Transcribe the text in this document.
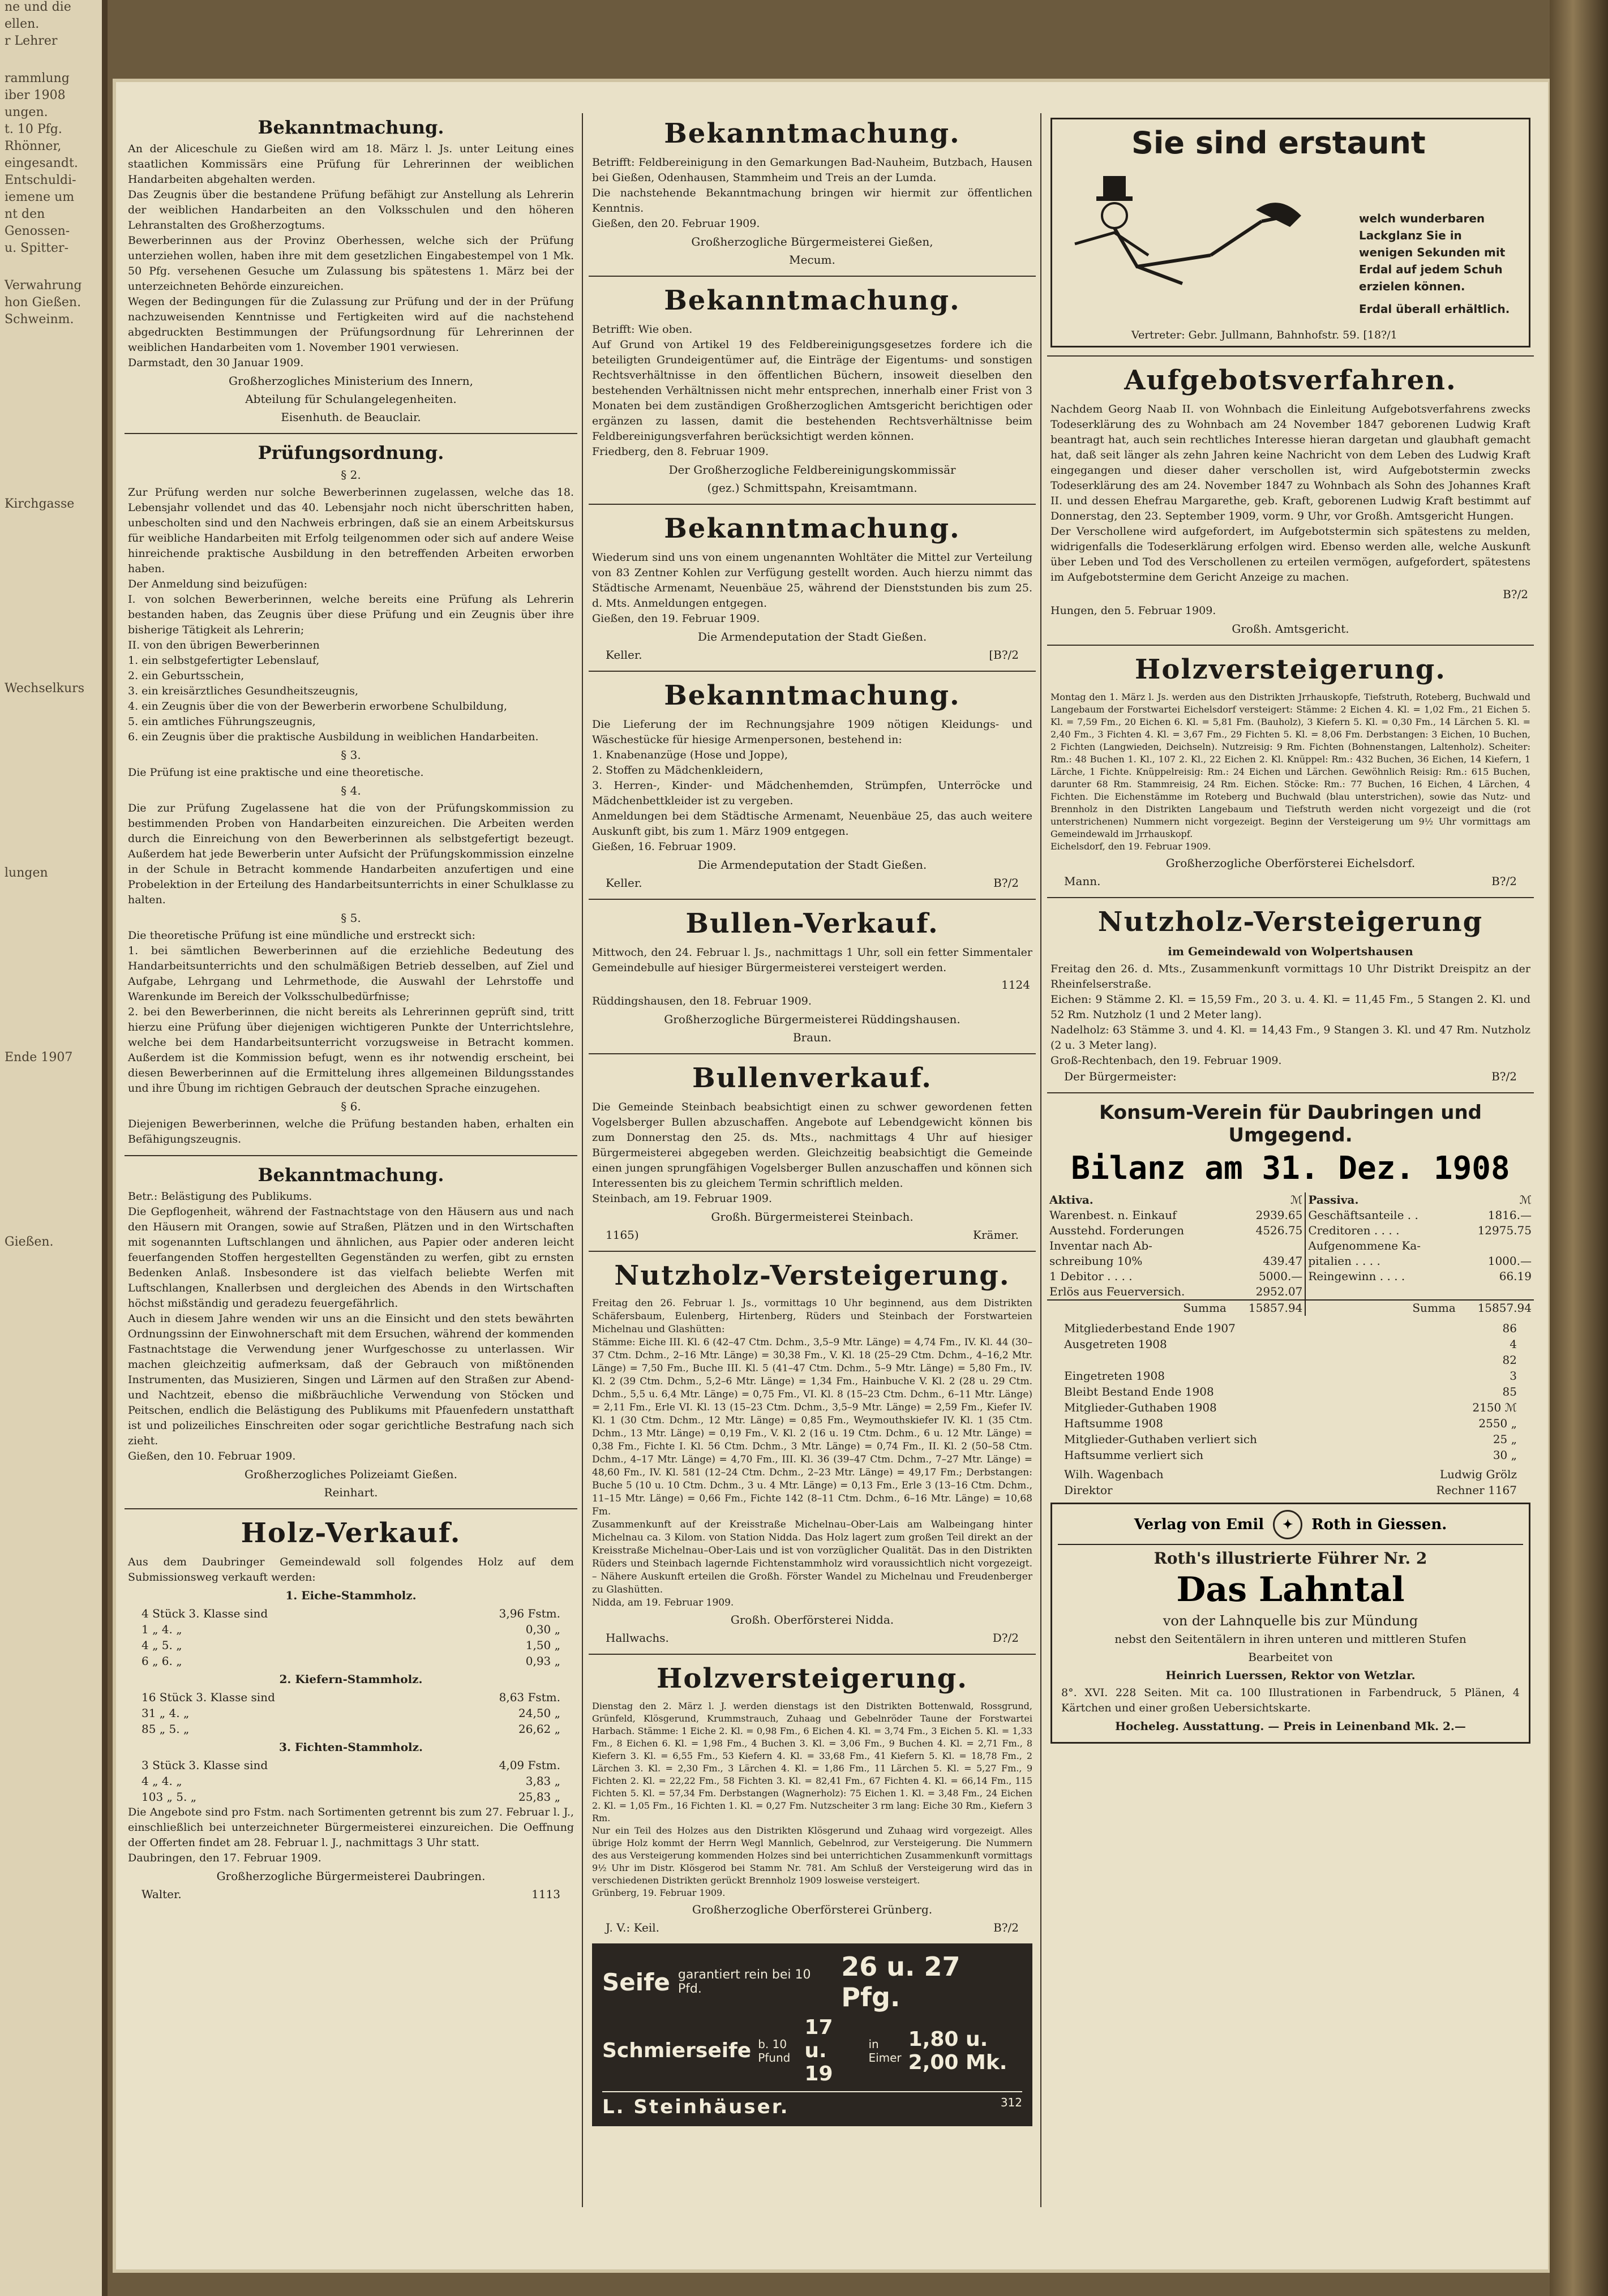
ne und die

ellen.

r Lehrer

rammlung

iber 1908

ungen.

t. 10 Pfg.

Rhönner,

eingesandt.

Entschuldi-

iemene um

nt den

Genossen-

u. Spitter-

Verwahrung

hon Gießen.

Schweinm.

Kirchgasse

Wechselkurs

lungen

Ende 1907

Gießen.

Bekanntmachung.

An der Aliceschule zu Gießen wird am 18. März l. Js. unter Leitung eines staatlichen Kommissärs eine Prüfung für Lehrerinnen der weiblichen Handarbeiten abgehalten werden.

Das Zeugnis über die bestandene Prüfung befähigt zur Anstellung als Lehrerin der weiblichen Handarbeiten an den Volksschulen und den höheren Lehranstalten des Großherzogtums.

Bewerberinnen aus der Provinz Oberhessen, welche sich der Prüfung unterziehen wollen, haben ihre mit dem gesetzlichen Eingabestempel von 1 Mk. 50 Pfg. versehenen Gesuche um Zulassung bis spätestens 1. März bei der unterzeichneten Behörde einzureichen.

Wegen der Bedingungen für die Zulassung zur Prüfung und der in der Prüfung nachzuweisenden Kenntnisse und Fertigkeiten wird auf die nachstehend abgedruckten Bestimmungen der Prüfungsordnung für Lehrerinnen der weiblichen Handarbeiten vom 1. November 1901 verwiesen.

Darmstadt, den 30 Januar 1909.

Großherzogliches Ministerium des Innern,
Abteilung für Schulangelegenheiten.
Eisenhuth. de Beauclair.
Prüfungsordnung.
§ 2.

Zur Prüfung werden nur solche Bewerberinnen zugelassen, welche das 18. Lebensjahr vollendet und das 40. Lebensjahr noch nicht überschritten haben, unbescholten sind und den Nachweis erbringen, daß sie an einem Arbeitskursus für weibliche Handarbeiten mit Erfolg teilgenommen oder sich auf andere Weise hinreichende praktische Ausbildung in den betreffenden Arbeiten erworben haben.

Der Anmeldung sind beizufügen:

I. von solchen Bewerberinnen, welche bereits eine Prüfung als Lehrerin bestanden haben, das Zeugnis über diese Prüfung und ein Zeugnis über ihre bisherige Tätigkeit als Lehrerin;

II. von den übrigen Bewerberinnen

1. ein selbstgefertigter Lebenslauf,

2. ein Geburtsschein,

3. ein kreisärztliches Gesundheitszeugnis,

4. ein Zeugnis über die von der Bewerberin erworbene Schulbildung,

5. ein amtliches Führungszeugnis,

6. ein Zeugnis über die praktische Ausbildung in weiblichen Handarbeiten.

§ 3.

Die Prüfung ist eine praktische und eine theoretische.

§ 4.

Die zur Prüfung Zugelassene hat die von der Prüfungskommission zu bestimmenden Proben von Handarbeiten einzureichen. Die Arbeiten werden durch die Einreichung von den Bewerberinnen als selbstgefertigt bezeugt. Außerdem hat jede Bewerberin unter Aufsicht der Prüfungskommission einzelne in der Schule in Betracht kommende Handarbeiten anzufertigen und eine Probelektion in der Erteilung des Handarbeitsunterrichts in einer Schulklasse zu halten.

§ 5.

Die theoretische Prüfung ist eine mündliche und erstreckt sich:

1. bei sämtlichen Bewerberinnen auf die erziehliche Bedeutung des Handarbeitsunterrichts und den schulmäßigen Betrieb desselben, auf Ziel und Aufgabe, Lehrgang und Lehrmethode, die Auswahl der Lehrstoffe und Warenkunde im Bereich der Volksschulbedürfnisse;

2. bei den Bewerberinnen, die nicht bereits als Lehrerinnen geprüft sind, tritt hierzu eine Prüfung über diejenigen wichtigeren Punkte der Unterrichtslehre, welche bei dem Handarbeitsunterricht vorzugsweise in Betracht kommen. Außerdem ist die Kommission befugt, wenn es ihr notwendig erscheint, bei diesen Bewerberinnen auf die Ermittelung ihres allgemeinen Bildungsstandes und ihre Übung im richtigen Gebrauch der deutschen Sprache einzugehen.

§ 6.

Diejenigen Bewerberinnen, welche die Prüfung bestanden haben, erhalten ein Befähigungszeugnis.

Bekanntmachung.

Betr.: Belästigung des Publikums.

Die Gepflogenheit, während der Fastnachtstage von den Häusern aus und nach den Häusern mit Orangen, sowie auf Straßen, Plätzen und in den Wirtschaften mit sogenannten Luftschlangen und ähnlichen, aus Papier oder anderen leicht feuerfangenden Stoffen hergestellten Gegenständen zu werfen, gibt zu ernsten Bedenken Anlaß. Insbesondere ist das vielfach beliebte Werfen mit Luftschlangen, Knallerbsen und dergleichen des Abends in den Wirtschaften höchst mißständig und geradezu feuergefährlich.

Auch in diesem Jahre wenden wir uns an die Einsicht und den stets bewährten Ordnungssinn der Einwohnerschaft mit dem Ersuchen, während der kommenden Fastnachtstage die Verwendung jener Wurfgeschosse zu unterlassen. Wir machen gleichzeitig aufmerksam, daß der Gebrauch von mißtönenden Instrumenten, das Musizieren, Singen und Lärmen auf den Straßen zur Abend- und Nachtzeit, ebenso die mißbräuchliche Verwendung von Stöcken und Peitschen, endlich die Belästigung des Publikums mit Pfauenfedern unstatthaft ist und polizeiliches Einschreiten oder sogar gerichtliche Bestrafung nach sich zieht.

Gießen, den 10. Februar 1909.

Großherzogliches Polizeiamt Gießen.
Reinhart.
Holz-Verkauf.

Aus dem Daubringer Gemeindewald soll folgendes Holz auf dem Submissionsweg verkauft werden:

1. Eiche-Stammholz.
4 Stück 3. Klasse sind	3,96 Fstm.
1 „ 4. „	0,30 „
4 „ 5. „	1,50 „
6 „ 6. „	0,93 „
2. Kiefern-Stammholz.
16 Stück 3. Klasse sind	8,63 Fstm.
31 „ 4. „	24,50 „
85 „ 5. „	26,62 „
3. Fichten-Stammholz.
3 Stück 3. Klasse sind	4,09 Fstm.
4 „ 4. „	3,83 „
103 „ 5. „	25,83 „

Die Angebote sind pro Fstm. nach Sortimenten getrennt bis zum 27. Februar l. J., einschließlich bei unterzeichneter Bürgermeisterei einzureichen. Die Oeffnung der Offerten findet am 28. Februar l. J., nachmittags 3 Uhr statt.

Daubringen, den 17. Februar 1909.

Großherzogliche Bürgermeisterei Daubringen.
Walter.	1113
Bekanntmachung.

Betrifft: Feldbereinigung in den Gemarkungen Bad-Nauheim, Butzbach, Hausen bei Gießen, Odenhausen, Stammheim und Treis an der Lumda.

Die nachstehende Bekanntmachung bringen wir hiermit zur öffentlichen Kenntnis.

Gießen, den 20. Februar 1909.

Großherzogliche Bürgermeisterei Gießen,
Mecum.
Bekanntmachung.

Betrifft: Wie oben.

Auf Grund von Artikel 19 des Feldbereinigungsgesetzes fordere ich die beteiligten Grundeigentümer auf, die Einträge der Eigentums- und sonstigen Rechtsverhältnisse in den öffentlichen Büchern, insoweit dieselben den bestehenden Verhältnissen nicht mehr entsprechen, innerhalb einer Frist von 3 Monaten bei dem zuständigen Großherzoglichen Amtsgericht berichtigen oder ergänzen zu lassen, damit die bestehenden Rechtsverhältnisse beim Feldbereinigungsverfahren berücksichtigt werden können.

Friedberg, den 8. Februar 1909.

Der Großherzogliche Feldbereinigungskommissär
(gez.) Schmittspahn, Kreisamtmann.
Bekanntmachung.

Wiederum sind uns von einem ungenannten Wohltäter die Mittel zur Verteilung von 83 Zentner Kohlen zur Verfügung gestellt worden. Auch hierzu nimmt das Städtische Armenamt, Neuenbäue 25, während der Dienststunden bis zum 25. d. Mts. Anmeldungen entgegen.

Gießen, den 19. Februar 1909.

Die Armendeputation der Stadt Gießen.
Keller.	[B?/2
Bekanntmachung.

Die Lieferung der im Rechnungsjahre 1909 nötigen Kleidungs- und Wäschestücke für hiesige Armenpersonen, bestehend in:

1. Knabenanzüge (Hose und Joppe),

2. Stoffen zu Mädchenkleidern,

3. Herren-, Kinder- und Mädchenhemden, Strümpfen, Unterröcke und Mädchenbettkleider ist zu vergeben.

Anmeldungen bei dem Städtische Armenamt, Neuenbäue 25, das auch weitere Auskunft gibt, bis zum 1. März 1909 entgegen.

Gießen, 16. Februar 1909.

Die Armendeputation der Stadt Gießen.
Keller.	B?/2
Bullen-Verkauf.

Mittwoch, den 24. Februar l. Js., nachmittags 1 Uhr, soll ein fetter Simmentaler Gemeindebulle auf hiesiger Bürgermeisterei versteigert werden.

1124

Rüddingshausen, den 18. Februar 1909.

Großherzogliche Bürgermeisterei Rüddingshausen.
Braun.
Bullenverkauf.

Die Gemeinde Steinbach beabsichtigt einen zu schwer gewordenen fetten Vogelsberger Bullen abzuschaffen. Angebote auf Lebendgewicht können bis zum Donnerstag den 25. ds. Mts., nachmittags 4 Uhr auf hiesiger Bürgermeisterei abgegeben werden. Gleichzeitig beabsichtigt die Gemeinde einen jungen sprungfähigen Vogelsberger Bullen anzuschaffen und können sich Interessenten bis zu gleichem Termin schriftlich melden.

Steinbach, am 19. Februar 1909.

Großh. Bürgermeisterei Steinbach.
1165)	Krämer.
Nutzholz-Versteigerung.

Freitag den 26. Februar l. Js., vormittags 10 Uhr beginnend, aus dem Distrikten Schäfersbaum, Eulenberg, Hirtenberg, Rüders und Steinbach der Forstwarteien Michelnau und Glashütten:

Stämme: Eiche III. Kl. 6 (42–47 Ctm. Dchm., 3,5–9 Mtr. Länge) = 4,74 Fm., IV. Kl. 44 (30–37 Ctm. Dchm., 2–16 Mtr. Länge) = 30,38 Fm., V. Kl. 18 (25–29 Ctm. Dchm., 4–16,2 Mtr. Länge) = 7,50 Fm., Buche III. Kl. 5 (41–47 Ctm. Dchm., 5–9 Mtr. Länge) = 5,80 Fm., IV. Kl. 2 (39 Ctm. Dchm., 5,2–6 Mtr. Länge) = 1,34 Fm., Hainbuche V. Kl. 2 (28 u. 29 Ctm. Dchm., 5,5 u. 6,4 Mtr. Länge) = 0,75 Fm., VI. Kl. 8 (15–23 Ctm. Dchm., 6–11 Mtr. Länge) = 2,11 Fm., Erle VI. Kl. 13 (15–23 Ctm. Dchm., 3,5–9 Mtr. Länge) = 2,59 Fm., Kiefer IV. Kl. 1 (30 Ctm. Dchm., 12 Mtr. Länge) = 0,85 Fm., Weymouthskiefer IV. Kl. 1 (35 Ctm. Dchm., 13 Mtr. Länge) = 0,19 Fm., V. Kl. 2 (16 u. 19 Ctm. Dchm., 6 u. 12 Mtr. Länge) = 0,38 Fm., Fichte I. Kl. 56 Ctm. Dchm., 3 Mtr. Länge) = 0,74 Fm., II. Kl. 2 (50–58 Ctm. Dchm., 4–17 Mtr. Länge) = 4,70 Fm., III. Kl. 36 (39–47 Ctm. Dchm., 7–27 Mtr. Länge) = 48,60 Fm., IV. Kl. 581 (12–24 Ctm. Dchm., 2–23 Mtr. Länge) = 49,17 Fm.; Derbstangen: Buche 5 (10 u. 10 Ctm. Dchm., 3 u. 4 Mtr. Länge) = 0,13 Fm., Erle 3 (13–16 Ctm. Dchm., 11–15 Mtr. Länge) = 0,66 Fm., Fichte 142 (8–11 Ctm. Dchm., 6–16 Mtr. Länge) = 10,68 Fm.

Zusammenkunft auf der Kreisstraße Michelnau–Ober-Lais am Walbeingang hinter Michelnau ca. 3 Kilom. von Station Nidda. Das Holz lagert zum großen Teil direkt an der Kreisstraße Michelnau–Ober-Lais und ist von vorzüglicher Qualität. Das in den Distrikten Rüders und Steinbach lagernde Fichtenstammholz wird voraussichtlich nicht vorgezeigt. – Nähere Auskunft erteilen die Großh. Förster Wandel zu Michelnau und Freudenberger zu Glashütten.

Nidda, am 19. Februar 1909.

Großh. Oberförsterei Nidda.
Hallwachs.	D?/2
Holzversteigerung.

Dienstag den 2. März l. J. werden dienstags ist den Distrikten Bottenwald, Rossgrund, Grünfeld, Klösgerund, Krummstrauch, Zuhaag und Gebelnröder Taune der Forstwartei Harbach. Stämme: 1 Eiche 2. Kl. = 0,98 Fm., 6 Eichen 4. Kl. = 3,74 Fm., 3 Eichen 5. Kl. = 1,33 Fm., 8 Eichen 6. Kl. = 1,98 Fm., 4 Buchen 3. Kl. = 3,06 Fm., 9 Buchen 4. Kl. = 2,71 Fm., 8 Kiefern 3. Kl. = 6,55 Fm., 53 Kiefern 4. Kl. = 33,68 Fm., 41 Kiefern 5. Kl. = 18,78 Fm., 2 Lärchen 3. Kl. = 2,30 Fm., 3 Lärchen 4. Kl. = 1,86 Fm., 11 Lärchen 5. Kl. = 5,27 Fm., 9 Fichten 2. Kl. = 22,22 Fm., 58 Fichten 3. Kl. = 82,41 Fm., 67 Fichten 4. Kl. = 66,14 Fm., 115 Fichten 5. Kl. = 57,34 Fm. Derbstangen (Wagnerholz): 75 Eichen 1. Kl. = 3,48 Fm., 24 Eichen 2. Kl. = 1,05 Fm., 16 Fichten 1. Kl. = 0,27 Fm. Nutzscheiter 3 rm lang: Eiche 30 Rm., Kiefern 3 Rm.

Nur ein Teil des Holzes aus den Distrikten Klösgerund und Zuhaag wird vorgezeigt. Alles übrige Holz kommt der Herrn Wegl Mannlich, Gebelnrod, zur Versteigerung. Die Nummern des aus Versteigerung kommenden Holzes sind bei unterrichtichen Zusammenkunft vormittags 9½ Uhr im Distr. Klösgerod bei Stamm Nr. 781. Am Schluß der Versteigerung wird das in verschiedenen Distrikten gerückt Brennholz 1909 losweise versteigert.

Grünberg, 19. Februar 1909.

Großherzogliche Oberförsterei Grünberg.
J. V.: Keil.	B?/2
Seife garantiert rein bei 10 Pfd.
26 u. 27 Pfg.
Schmierseife b. 10 Pfund
17 u. 19
in Eimer
1,80 u. 2,00 Mk.
L. Steinhäuser.	312
Sie sind erstaunt
welch wunderbaren Lackglanz Sie in wenigen Sekunden mit Erdal auf jedem Schuh erzielen können.
Erdal überall erhältlich.
Vertreter: Gebr. Jullmann, Bahnhofstr. 59. [18?/1
Aufgebotsverfahren.

Nachdem Georg Naab II. von Wohnbach die Einleitung Aufgebotsverfahrens zwecks Todeserklärung des zu Wohnbach am 24 November 1847 geborenen Ludwig Kraft beantragt hat, auch sein rechtliches Interesse hieran dargetan und glaubhaft gemacht hat, daß seit länger als zehn Jahren keine Nachricht von dem Leben des Ludwig Kraft eingegangen und dieser daher verschollen ist, wird Aufgebotstermin zwecks Todeserklärung des am 24. November 1847 zu Wohnbach als Sohn des Johannes Kraft II. und dessen Ehefrau Margarethe, geb. Kraft, geborenen Ludwig Kraft bestimmt auf Donnerstag, den 23. September 1909, vorm. 9 Uhr, vor Großh. Amtsgericht Hungen.

Der Verschollene wird aufgefordert, im Aufgebotstermin sich spätestens zu melden, widrigenfalls die Todeserklärung erfolgen wird. Ebenso werden alle, welche Auskunft über Leben und Tod des Verschollenen zu erteilen vermögen, aufgefordert, spätestens im Aufgebotstermine dem Gericht Anzeige zu machen.

B?/2

Hungen, den 5. Februar 1909.

Großh. Amtsgericht.
Holzversteigerung.

Montag den 1. März l. Js. werden aus den Distrikten Jrrhauskopfe, Tiefstruth, Roteberg, Buchwald und Langebaum der Forstwartei Eichelsdorf versteigert: Stämme: 2 Eichen 4. Kl. = 1,02 Fm., 21 Eichen 5. Kl. = 7,59 Fm., 20 Eichen 6. Kl. = 5,81 Fm. (Bauholz), 3 Kiefern 5. Kl. = 0,30 Fm., 14 Lärchen 5. Kl. = 2,40 Fm., 3 Fichten 4. Kl. = 3,67 Fm., 29 Fichten 5. Kl. = 8,06 Fm. Derbstangen: 3 Eichen, 10 Buchen, 2 Fichten (Langwieden, Deichseln). Nutzreisig: 9 Rm. Fichten (Bohnenstangen, Laltenholz). Scheiter: Rm.: 48 Buchen 1. Kl., 107 2. Kl., 22 Eichen 2. Kl. Knüppel: Rm.: 432 Buchen, 36 Eichen, 14 Kiefern, 1 Lärche, 1 Fichte. Knüppelreisig: Rm.: 24 Eichen und Lärchen. Gewöhnlich Reisig: Rm.: 615 Buchen, darunter 68 Rm. Stammreisig, 24 Rm. Eichen. Stöcke: Rm.: 77 Buchen, 16 Eichen, 4 Lärchen, 4 Fichten. Die Eichenstämme im Roteberg und Buchwald (blau unterstrichen), sowie das Nutz- und Brennholz in den Distrikten Langebaum und Tiefstruth werden nicht vorgezeigt und die (rot unterstrichenen) Nummern nicht vorgezeigt. Beginn der Versteigerung um 9½ Uhr vormittags am Gemeindewald im Jrrhauskopf.

Eichelsdorf, den 19. Februar 1909.

Großherzogliche Oberförsterei Eichelsdorf.
Mann.	B?/2
Nutzholz-Versteigerung
im Gemeindewald von Wolpertshausen

Freitag den 26. d. Mts., Zusammenkunft vormittags 10 Uhr Distrikt Dreispitz an der Rheinfelserstraße.

Eichen: 9 Stämme 2. Kl. = 15,59 Fm., 20 3. u. 4. Kl. = 11,45 Fm., 5 Stangen 2. Kl. und 52 Rm. Nutzholz (1 und 2 Meter lang).

Nadelholz: 63 Stämme 3. und 4. Kl. = 14,43 Fm., 9 Stangen 3. Kl. und 47 Rm. Nutzholz (2 u. 3 Meter lang).

Groß-Rechtenbach, den 19. Februar 1909.

Der Bürgermeister:	B?/2
Konsum-Verein für Daubringen und Umgegend.
Bilanz am 31. Dez. 1908
Aktiva.	ℳ	Passiva.	ℳ
Warenbest. n. Einkauf	2939.65	Geschäftsanteile . .	1816.—
Ausstehd. Forderungen	4526.75	Creditoren . . . .	12975.75
Inventar nach Ab-		Aufgenommene Ka-	
schreibung 10%	439.47	pitalien . . . .	1000.—
1 Debitor . . . .	5000.—	Reingewinn . . . .	66.19
Erlös aus Feuerversich.	2952.07		
Summa	15857.94	Summa	15857.94
Mitgliederbestand Ende 1907	86
Ausgetreten 1908	4
82
Eingetreten 1908	3
Bleibt Bestand Ende 1908	85
Mitglieder-Guthaben 1908	2150 ℳ
Haftsumme 1908	2550 „
Mitglieder-Guthaben verliert sich	25 „
Haftsumme verliert sich	30 „
Wilh. Wagenbach	Ludwig Grölz
Direktor	Rechner 1167
Verlag von Emil	✦	Roth in Giessen.
Roth's illustrierte Führer Nr. 2
Das Lahntal
von der Lahnquelle bis zur Mündung
nebst den Seitentälern in ihren unteren und mittleren Stufen
Bearbeitet von
Heinrich Luerssen, Rektor von Wetzlar.

8°. XVI. 228 Seiten. Mit ca. 100 Illustrationen in Farbendruck, 5 Plänen, 4 Kärtchen und einer großen Uebersichtskarte.

Hocheleg. Ausstattung. — Preis in Leinenband Mk. 2.—
